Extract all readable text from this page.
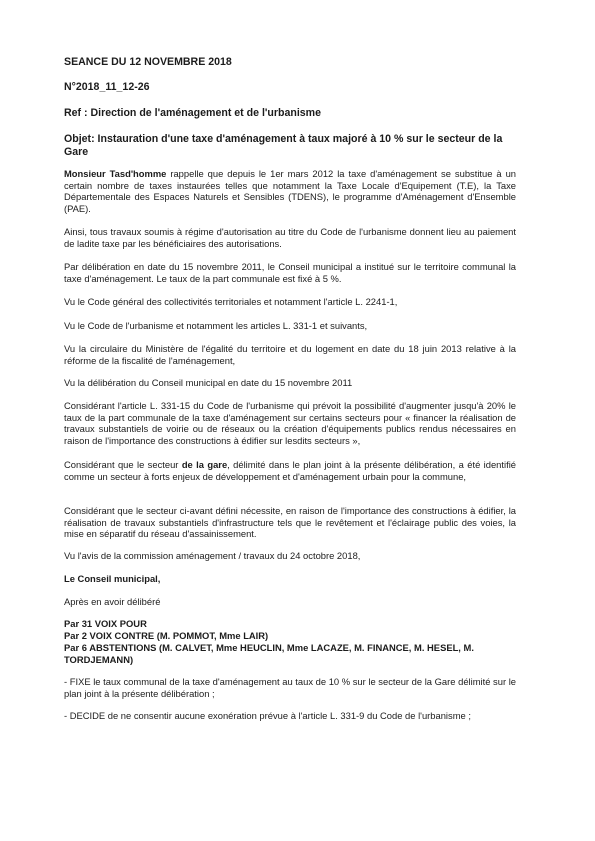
SEANCE DU 12 NOVEMBRE 2018
N°2018_11_12-26
Ref : Direction de l'aménagement et de l'urbanisme
Objet: Instauration d'une taxe d'aménagement à taux majoré à 10 % sur le secteur de la Gare
Monsieur Tasd'homme rappelle que depuis le 1er mars 2012 la taxe d'aménagement se substitue à un certain nombre de taxes instaurées telles que notamment la Taxe Locale d'Equipement (T.E), la Taxe Départementale des Espaces Naturels et Sensibles (TDENS), le programme d'Aménagement d'Ensemble (PAE).
Ainsi, tous travaux soumis à régime d'autorisation au titre du Code de l'urbanisme donnent lieu au paiement de ladite taxe par les bénéficiaires des autorisations.
Par délibération en date du 15 novembre 2011, le Conseil municipal a institué sur le territoire communal la taxe d'aménagement. Le taux de la part communale est fixé à 5 %.
Vu le Code général des collectivités territoriales et notamment l'article L. 2241-1,
Vu le Code de l'urbanisme et notamment les articles L. 331-1 et suivants,
Vu la circulaire du Ministère de l'égalité du territoire et du logement en date du 18 juin 2013 relative à la réforme de la fiscalité de l'aménagement,
Vu la délibération du Conseil municipal en date du 15 novembre 2011
Considérant l'article L. 331-15 du Code de l'urbanisme qui prévoit la possibilité d'augmenter jusqu'à 20% le taux de la part communale de la taxe d'aménagement sur certains secteurs pour « financer la réalisation de travaux substantiels de voirie ou de réseaux ou la création d'équipements publics rendus nécessaires en raison de l'importance des constructions à édifier sur lesdits secteurs »,
Considérant que le secteur de la gare, délimité dans le plan joint à la présente délibération, a été identifié comme un secteur à forts enjeux de développement et d'aménagement urbain pour la commune,
Considérant que le secteur ci-avant défini nécessite, en raison de l'importance des constructions à édifier, la réalisation de travaux substantiels d'infrastructure tels que le revêtement et l'éclairage public des voies, la mise en séparatif du réseau d'assainissement.
Vu l'avis de la commission aménagement / travaux du 24 octobre 2018,
Le Conseil municipal,
Après en avoir délibéré
Par 31 VOIX POUR
Par 2 VOIX CONTRE (M. POMMOT, Mme LAIR)
Par 6 ABSTENTIONS (M. CALVET, Mme HEUCLIN, Mme LACAZE, M. FINANCE, M. HESEL, M. TORDJEMANN)
- FIXE le taux communal de la taxe d'aménagement au taux de 10 % sur le secteur de la Gare délimité sur le plan joint à la présente délibération ;
- DECIDE de ne consentir aucune exonération prévue à l'article L. 331-9 du Code de l'urbanisme ;
